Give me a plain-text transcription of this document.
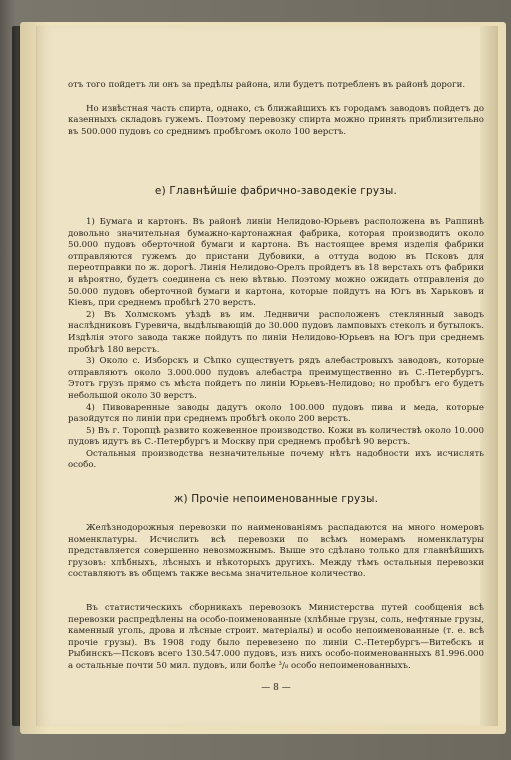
отъ того пойдетъ ли онъ за предѣлы района, или будетъ потребленъ въ районѣ дороги.

Но извѣстная часть спирта, однако, съ ближайшихъ къ городамъ заводовъ пойдетъ до казенныхъ складовъ гужемъ. Поэтому перевозку спирта можно принять приблизительно въ 500.000 пудовъ со среднимъ пробѣгомъ около 100 верстъ.

е) Главнѣйшіе фабрично-заводекіе грузы.

1) Бумага и картонъ. Въ районѣ линіи Нелидово-Юрьевъ расположена въ Раппинѣ довольно значительная бумажно-картонажная фабрика, которая производитъ около 50.000 пудовъ оберточной бумаги и картона. Въ настоящее время изделія фабрики отправляются гужемъ до пристани Дубовики, а оттуда водою въ Псковъ для переотправки по ж. дорогѣ. Линія Нелидово-Орелъ пройдетъ въ 18 верстахъ отъ фабрики и вѣроятно, будетъ соединена съ нею вѣтвью. Поэтому можно ожидать отправленія до 50.000 пудовъ оберточной бумаги и картона, которые пойдутъ на Югъ въ Харьковъ и Кіевъ, при среднемъ пробѣгѣ 270 верстъ.

2) Въ Холмскомъ уѣздѣ въ им. Леднвичи расположенъ стеклянный заводъ наслѣдниковъ Гуревича, выдѣлывающій до 30.000 пудовъ ламповыхъ стеколъ и бутылокъ. Издѣлія этого завода также пойдутъ по линіи Нелидово-Юрьевъ на Югъ при среднемъ пробѣгѣ 180 верстъ.

3) Около с. Изборскъ и Сѣпко существуетъ рядъ алебастровыхъ заводовъ, которые отправляютъ около 3.000.000 пудовъ алебастра преимущественно въ С.-Петербургъ. Этотъ грузъ прямо съ мѣста пойдетъ по линіи Юрьевъ-Нелидово; но пробѣгъ его будетъ небольшой около 30 верстъ.

4) Пивоваренные заводы дадутъ около 100.000 пудовъ пива и меда, которые разойдутся по линіи при среднемъ пробѣгѣ около 200 верстъ.

5) Въ г. Торопцѣ развито кожевенное производство. Кожи въ количествѣ около 10.000 пудовъ идутъ въ С.-Петербургъ и Москву при среднемъ пробѣгѣ 90 верстъ.

Остальныя производства незначительные почему нѣтъ надобности ихъ исчислять особо.

ж) Прочіе непоименованные грузы.

Желѣзнодорожныя перевозки по наименованіямъ распадаются на много номеровъ номенклатуры. Исчислить всѣ перевозки по всѣмъ номерамъ номенклатуры представляется совершенно невозможнымъ. Выше это сдѣлано только для главнѣйшихъ грузовъ: хлѣбныхъ, лѣсныхъ и нѣкоторыхъ другихъ. Между тѣмъ остальныя перевозки составляютъ въ общемъ также весьма значительное количество.

Въ статистическихъ сборникахъ перевозокъ Министерства путей сообщенія всѣ перевозки распредѣлены на особо-поименованные (хлѣбные грузы, соль, нефтяные грузы, каменный уголь, дрова и лѣсные строит. матеріалы) и особо непоименованные (т. е. всѣ прочіе грузы). Въ 1908 году было перевезено по линіи С.-Петербургъ—Витебскъ и Рыбинскъ—Псковъ всего 130.547.000 пудовъ, изъ нихъ особо-поименованныхъ 81.996.000 а остальные почти 50 мил. пудовъ, или болѣе ³/₈ особо непоименованныхъ.

— 8 —
